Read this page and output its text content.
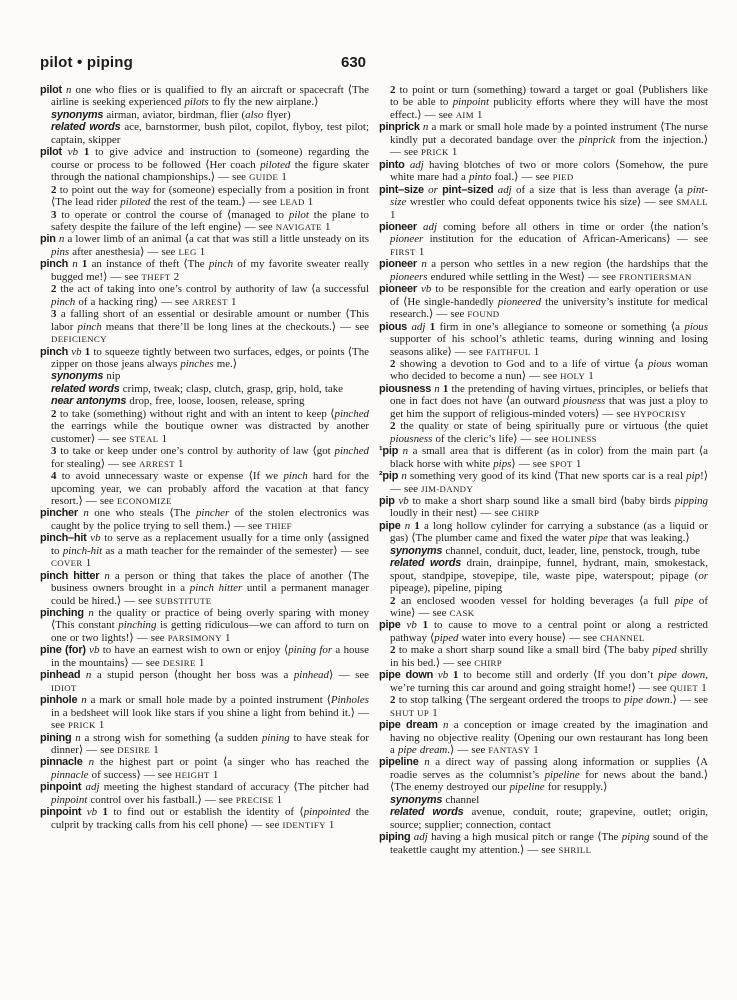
pilot • piping	630

pilot n one who flies or is qualified to fly an aircraft or spacecraft ⟨The airline is seeking experienced pilots to fly the new airplane.⟩

synonyms airman, aviator, birdman, flier (also flyer)

related words ace, barnstormer, bush pilot, copilot, flyboy, test pilot; captain, skipper

pilot vb 1 to give advice and instruction to (someone) regarding the course or process to be followed ⟨Her coach piloted the figure skater through the national championships.⟩ — see GUIDE 1

2 to point out the way for (someone) especially from a position in front ⟨The lead rider piloted the rest of the team.⟩ — see LEAD 1

3 to operate or control the course of ⟨managed to pilot the plane to safety despite the failure of the left engine⟩ — see NAVIGATE 1

pin n a lower limb of an animal ⟨a cat that was still a little unsteady on its pins after anesthesia⟩ — see LEG 1

pinch n 1 an instance of theft ⟨The pinch of my favorite sweater really bugged me!⟩ — see THEFT 2

2 the act of taking into one’s control by authority of law ⟨a successful pinch of a hacking ring⟩ — see ARREST 1

3 a falling short of an essential or desirable amount or number ⟨This labor pinch means that there’ll be long lines at the checkouts.⟩ — see DEFICIENCY

pinch vb 1 to squeeze tightly between two surfaces, edges, or points ⟨The zipper on those jeans always pinches me.⟩

synonyms nip

related words crimp, tweak; clasp, clutch, grasp, grip, hold, take

near antonyms drop, free, loose, loosen, release, spring

2 to take (something) without right and with an intent to keep ⟨pinched the earrings while the boutique owner was distracted by another customer⟩ — see STEAL 1

3 to take or keep under one’s control by authority of law ⟨got pinched for stealing⟩ — see ARREST 1

4 to avoid unnecessary waste or expense ⟨If we pinch hard for the upcoming year, we can probably afford the vacation at that fancy resort.⟩ — see ECONOMIZE

pincher n one who steals ⟨The pincher of the stolen electronics was caught by the police trying to sell them.⟩ — see THIEF

pinch–hit vb to serve as a replacement usually for a time only ⟨assigned to pinch-hit as a math teacher for the remainder of the semester⟩ — see COVER 1

pinch hitter n a person or thing that takes the place of another ⟨The business owners brought in a pinch hitter until a permanent manager could be hired.⟩ — see SUBSTITUTE

pinching n the quality or practice of being overly sparing with money ⟨This constant pinching is getting ridiculous—we can afford to turn on one or two lights!⟩ — see PARSIMONY 1

pine (for) vb to have an earnest wish to own or enjoy ⟨pining for a house in the mountains⟩ — see DESIRE 1

pinhead n a stupid person ⟨thought her boss was a pinhead⟩ — see IDIOT

pinhole n a mark or small hole made by a pointed instrument ⟨Pinholes in a bedsheet will look like stars if you shine a light from behind it.⟩ — see PRICK 1

pining n a strong wish for something ⟨a sudden pining to have steak for dinner⟩ — see DESIRE 1

pinnacle n the highest part or point ⟨a singer who has reached the pinnacle of success⟩ — see HEIGHT 1

pinpoint adj meeting the highest standard of accuracy ⟨The pitcher had pinpoint control over his fastball.⟩ — see PRECISE 1

pinpoint vb 1 to find out or establish the identity of ⟨pinpointed the culprit by tracking calls from his cell phone⟩ — see IDENTIFY 1

2 to point or turn (something) toward a target or goal ⟨Publishers like to be able to pinpoint publicity efforts where they will have the most effect.⟩ — see AIM 1

pinprick n a mark or small hole made by a pointed instrument ⟨The nurse kindly put a decorated bandage over the pinprick from the injection.⟩ — see PRICK 1

pinto adj having blotches of two or more colors ⟨Somehow, the pure white mare had a pinto foal.⟩ — see PIED

pint–size or pint–sized adj of a size that is less than average ⟨a pint-size wrestler who could defeat opponents twice his size⟩ — see SMALL 1

pioneer adj coming before all others in time or order ⟨the nation’s pioneer institution for the education of African-Americans⟩ — see FIRST 1

pioneer n a person who settles in a new region ⟨the hardships that the pioneers endured while settling in the West⟩ — see FRONTIERSMAN

pioneer vb to be responsible for the creation and early operation or use of ⟨He single-handedly pioneered the university’s institute for medical research.⟩ — see FOUND

pious adj 1 firm in one’s allegiance to someone or something ⟨a pious supporter of his school’s athletic teams, during winning and losing seasons alike⟩ — see FAITHFUL 1

2 showing a devotion to God and to a life of virtue ⟨a pious woman who decided to become a nun⟩ — see HOLY 1

piousness n 1 the pretending of having virtues, principles, or beliefs that one in fact does not have ⟨an outward piousness that was just a ploy to get him the support of religious-minded voters⟩ — see HYPOCRISY

2 the quality or state of being spiritually pure or virtuous ⟨the quiet piousness of the cleric’s life⟩ — see HOLINESS

¹pip n a small area that is different (as in color) from the main part ⟨a black horse with white pips⟩ — see SPOT 1

²pip n something very good of its kind ⟨That new sports car is a real pip!⟩ — see JIM-DANDY

pip vb to make a short sharp sound like a small bird ⟨baby birds pipping loudly in their nest⟩ — see CHIRP

pipe n 1 a long hollow cylinder for carrying a substance (as a liquid or gas) ⟨The plumber came and fixed the water pipe that was leaking.⟩

synonyms channel, conduit, duct, leader, line, penstock, trough, tube

related words drain, drainpipe, funnel, hydrant, main, smokestack, spout, standpipe, stovepipe, tile, waste pipe, waterspout; pipage (or pipeage), pipeline, piping

2 an enclosed wooden vessel for holding beverages ⟨a full pipe of wine⟩ — see CASK

pipe vb 1 to cause to move to a central point or along a restricted pathway ⟨piped water into every house⟩ — see CHANNEL

2 to make a short sharp sound like a small bird ⟨The baby piped shrilly in his bed.⟩ — see CHIRP

pipe down vb 1 to become still and orderly ⟨If you don’t pipe down, we’re turning this car around and going straight home!⟩ — see QUIET 1

2 to stop talking ⟨The sergeant ordered the troops to pipe down.⟩ — see SHUT UP 1

pipe dream n a conception or image created by the imagination and having no objective reality ⟨Opening our own restaurant has long been a pipe dream.⟩ — see FANTASY 1

pipeline n a direct way of passing along information or supplies ⟨A roadie serves as the columnist’s pipeline for news about the band.⟩ ⟨The enemy destroyed our pipeline for resupply.⟩

synonyms channel

related words avenue, conduit, route; grapevine, outlet; origin, source; supplier; connection, contact

piping adj having a high musical pitch or range ⟨The piping sound of the teakettle caught my attention.⟩ — see SHRILL
